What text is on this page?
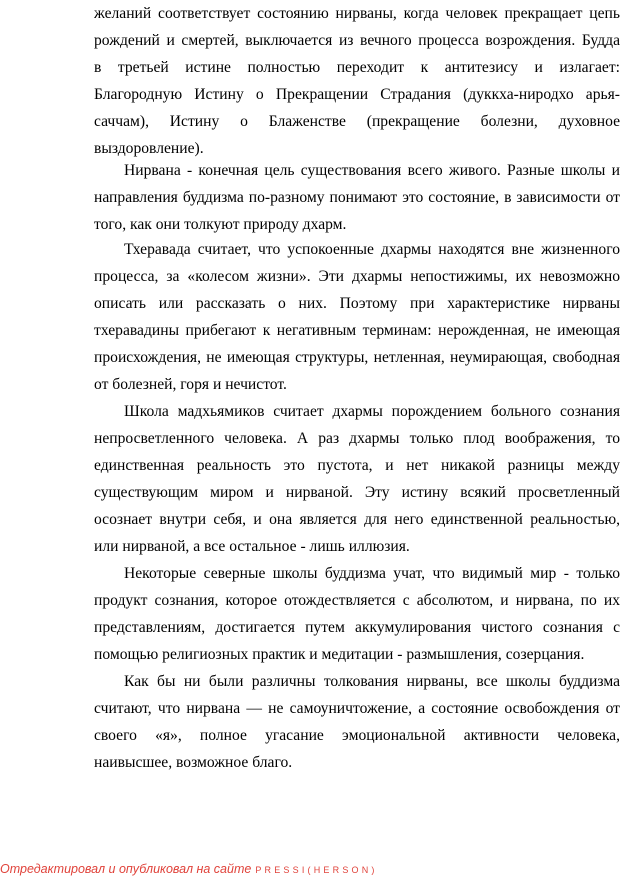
желаний соответствует состоянию нирваны, когда человек прекращает цепь
рождений и смертей, выключается из вечного процесса возрождения. Будда
в третьей истине полностью переходит к антитезису и излагает:
Благородную Истину о Прекращении Страдания (дуккха-ниродхо арья-
саччам), Истину о Блаженстве (прекращение болезни, духовное
выздоровление).
Нирвана - конечная цель существования всего живого. Разные школы и
направления буддизма по-разному понимают это состояние, в зависимости от
того, как они толкуют природу дхарм.
Тхеравада считает, что успокоенные дхармы находятся вне жизненного
процесса, за «колесом жизни». Эти дхармы непостижимы, их невозможно
описать или рассказать о них. Поэтому при характеристике нирваны
тхеравадины прибегают к негативным терминам: нерожденная, не имеющая
происхождения, не имеющая структуры, нетленная, неумирающая, свободная
от болезней, горя и нечистот.
Школа мадхьямиков считает дхармы порождением больного сознания
непросветленного человека. А раз дхармы только плод воображения, то
единственная реальность это пустота, и нет никакой разницы между
существующим миром и нирваной. Эту истину всякий просветленный
осознает внутри себя, и она является для него единственной реальностью,
или нирваной, а все остальное - лишь иллюзия.
Некоторые северные школы буддизма учат, что видимый мир - только
продукт сознания, которое отождествляется с абсолютом, и нирвана, по их
представлениям, достигается путем аккумулирования чистого сознания с
помощью религиозных практик и медитации - размышления, созерцания.
Как бы ни были различны толкования нирваны, все школы буддизма
считают, что нирвана — не самоуничтожение, а состояние освобождения от
своего «я», полное угасание эмоциональной активности человека,
наивысшее, возможное благо.
Отредактировал и опубликовал на сайте PRESSI(HERSON)
